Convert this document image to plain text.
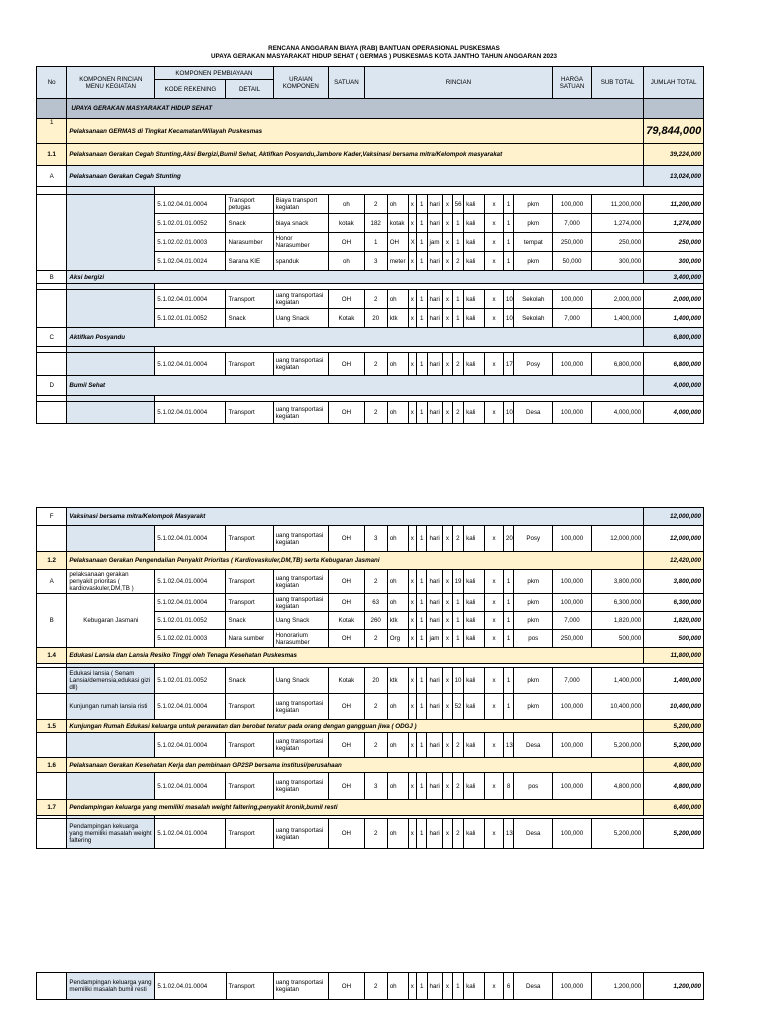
RENCANA ANGGARAN BIAYA (RAB) BANTUAN OPERASIONAL PUSKESMAS
UPAYA GERAKAN MASYARAKAT HIDUP SEHAT ( GERMAS ) PUSKESMAS KOTA JANTHO TAHUN ANGGARAN 2023
No	KOMPONEN RINCIAN MENU KEGIATAN	KOMPONEN PEMBIAYAAN		URAIAN KOMPONEN	SATUAN	RINCIAN											HARGA SATUAN	SUB TOTAL	JUMLAH TOTAL
		KODE REKENING	DETAIL																
	UPAYA GERAKAN MASYARAKAT HIDUP SEHAT																		
1	Pelaksanaan GERMAS di Tingkat Kecamatan/Wilayah Puskesmas																		79,844,000
1.1	Pelaksanaan Gerakan Cegah Stunting,Aksi Bergizi,Bumil Sehat, Aktifkan Posyandu,Jambore Kader,Vaksinasi bersama mitra/Kelompok masyarakat																		39,224,000
A	Pelaksanaan Gerakan Cegah Stunting																		13,024,000

		5.1.02.04.01.0004	Transport petugas	Biaya transport kegiatan	oh	2	oh	x	1	hari	x	56	kali	x	1	pkm	100,000	11,200,000	11,200,000
		5.1.02.01.01.0052	Snack	biaya snack	kotak	182	kotak	x	1	hari	x	1	kali	x	1	pkm	7,000	1,274,000	1,274,000
		5.1.02.02.01.0003	Narasumber	Honor Narasumber	OH	1	OH	X	1	jam	x	1	kali	x	1	tempat	250,000	250,000	250,000
		5.1.02.04.01.0024	Sarana KIE	spanduk	oh	3	meter	x	1	hari	x	2	kali	x	1	pkm	50,000	300,000	300,000
B	Aksi bergizi																		3,400,000

		5.1.02.04.01.0004	Transport	uang transportasi kegiatan	OH	2	oh	x	1	hari	x	1	kali	x	10	Sekolah	100,000	2,000,000	2,000,000
		5.1.02.01.01.0052	Snack	Uang Snack	Kotak	20	ktk	x	1	hari	x	1	kali	x	10	Sekolah	7,000	1,400,000	1,400,000
C	Aktifkan Posyandu																		6,800,000

		5.1.02.04.01.0004	Transport	uang transportasi kegiatan	OH	2	oh	x	1	hari	x	2	kali	x	17	Posy	100,000	6,800,000	6,800,000
D	Bumil Sehat																		4,000,000

		5.1.02.04.01.0004	Transport	uang transportasi kegiatan	OH	2	oh	x	1	hari	x	2	kali	x	10	Desa	100,000	4,000,000	4,000,000
F	Vaksinasi bersama mitra/Kelompok Masyarakt																		12,000,000
		5.1.02.04.01.0004	Transport	uang transportasi kegiatan	OH	3	oh	x	1	hari	x	2	kali	x	20	Posy	100,000	12,000,000	12,000,000
1.2	Pelaksanaan Gerakan Pengendalian Penyakit Prioritas ( Kardiovaskuler,DM,TB) serta Kebugaran Jasmani																		12,420,000
A	pelaksanaan gerakan penyakit prioritas ( kardiovaskuler,DM,TB )	5.1.02.04.01.0004	Transport	uang transportasi kegiatan	OH	2	oh	x	1	hari	x	19	kali	x	1	pkm	100,000	3,800,000	3,800,000
B	Kebugaran Jasmani	5.1.02.04.01.0004	Transport	uang transportasi kegiatan	OH	63	oh	x	1	hari	x	1	kali	x	1	pkm	100,000	6,300,000	6,300,000
		5.1.02.01.01.0052	Snack	Uang Snack	Kotak	260	ktk	x	1	hari	x	1	kali	x	1	pkm	7,000	1,820,000	1,820,000
		5.1.02.02.01.0003	Nara sumber	Honorarium Narasumber	OH	2	Org	x	1	jam	x	1	kali	x	1	pos	250,000	500,000	500,000
1.4	Edukasi Lansia dan Lansia Resiko Tinggi oleh Tenaga Kesehatan Puskesmas																		11,800,000

	Edukasi lansia ( Senam Lansia/demensia,edukasi gizi dll)	5.1.02.01.01.0052	Snack	Uang Snack	Kotak	20	ktk	x	1	hari	x	10	kali	x	1	pkm	7,000	1,400,000	1,400,000
	Kunjungan rumah lansia risti	5.1.02.04.01.0004	Transport	uang transportasi kegiatan	OH	2	oh	x	1	hari	x	52	kali	x	1	pkm	100,000	10,400,000	10,400,000
1.5	Kunjungan Rumah Edukasi keluarga untuk perawatan dan berobat teratur pada orang dengan gangguan jiwa ( ODGJ )																		5,200,000
		5.1.02.04.01.0004	Transport	uang transportasi kegiatan	OH	2	oh	x	1	hari	x	2	kali	x	13	Desa	100,000	5,200,000	5,200,000
1.6	Pelaksanaan Gerakan Kesehatan Kerja dan pembinaan GP2SP bersama institusi/perusahaan																		4,800,000
		5.1.02.04.01.0004	Transport	uang transportasi kegiatan	OH	3	oh	x	1	hari	x	2	kali	x	8	pos	100,000	4,800,000	4,800,000
1.7	Pendampingan keluarga yang memiliki masalah weight faltering,penyakit kronik,bumil resti																		6,400,000

	Pendampingan kekuarga yang memiliki masalah weight faltering	5.1.02.04.01.0004	Transport	uang transportasi kegiatan	OH	2	oh	x	1	hari	x	2	kali	x	13	Desa	100,000	5,200,000	5,200,000
	Pendampingan keluarga yang memiliki masalah bumil resti	5.1.02.04.01.0004	Transport	uang transportasi kegiatan	OH	2	oh	x	1	hari	x	1	kali	x	6	Desa	100,000	1,200,000	1,200,000
